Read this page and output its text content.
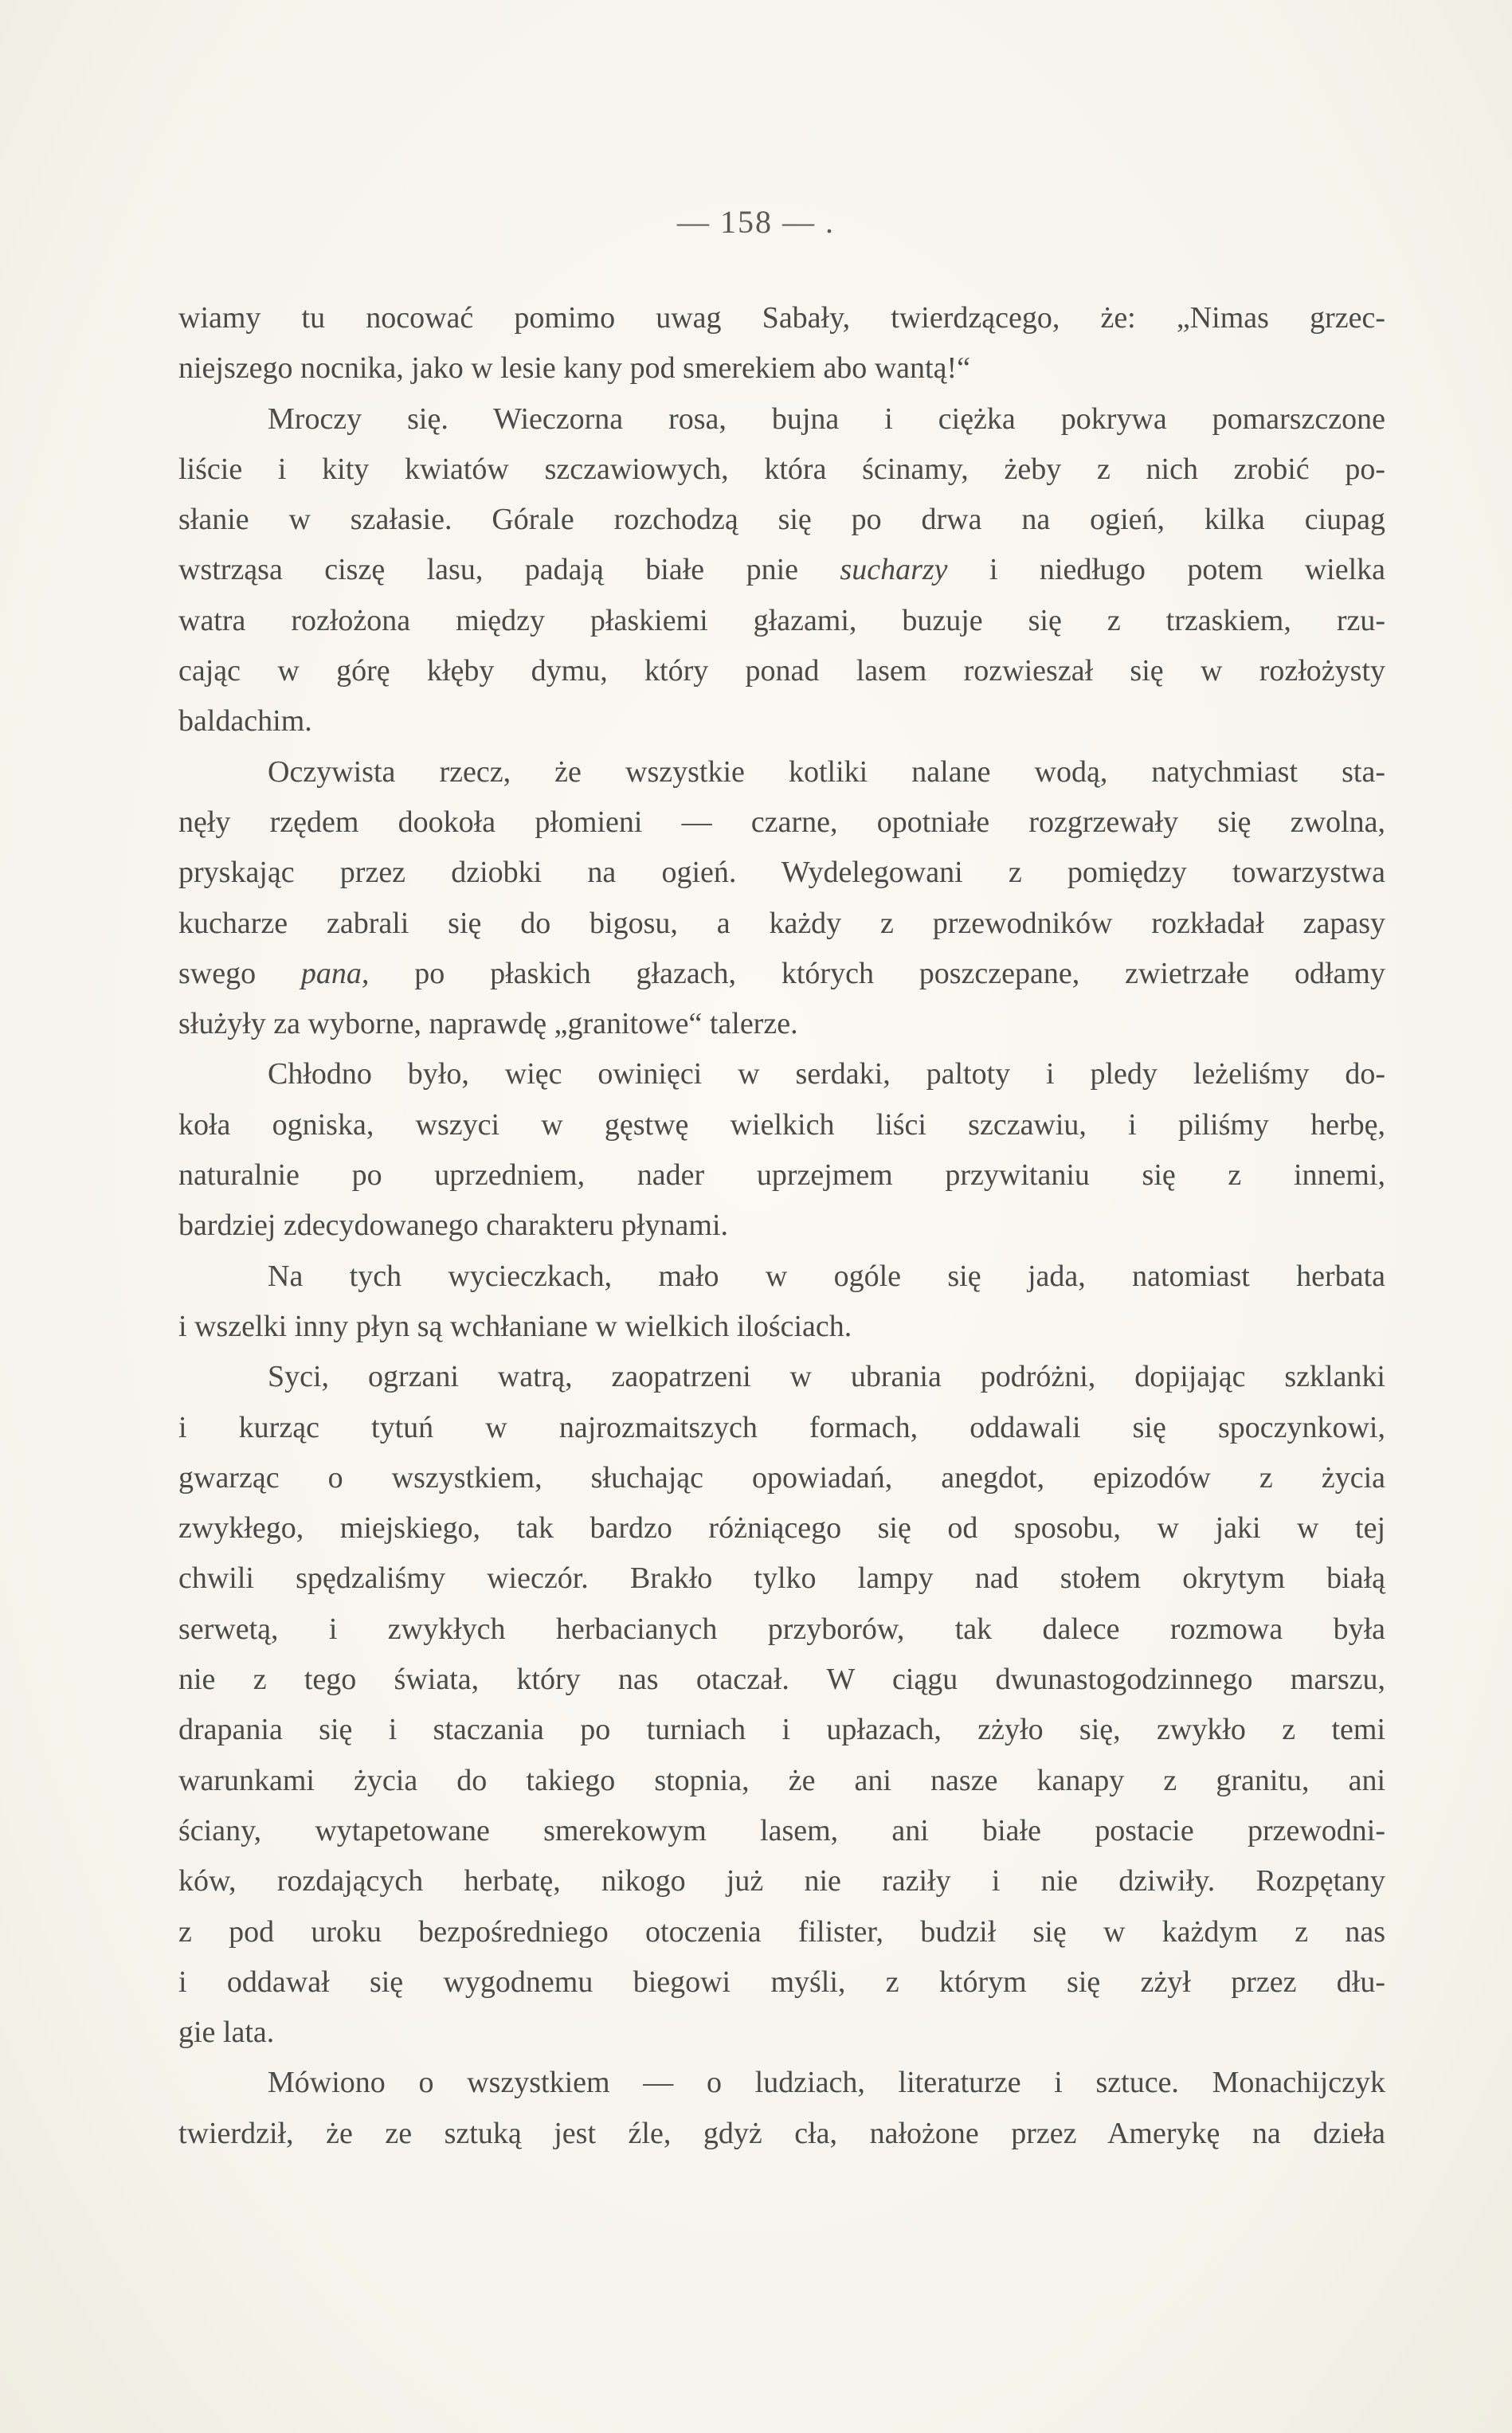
— 158 — .
wiamy tu nocować pomimo uwag Sabały, twierdzącego, że: „Nimas grzec-
niejszego nocnika, jako w lesie kany pod smerekiem abo wantą!“
Mroczy się. Wieczorna rosa, bujna i ciężka pokrywa pomarszczone
liście i kity kwiatów szczawiowych, która ścinamy, żeby z nich zrobić po-
słanie w szałasie. Górale rozchodzą się po drwa na ogień, kilka ciupag
wstrząsa ciszę lasu, padają białe pnie sucharzy i niedługo potem wielka
watra rozłożona między płaskiemi głazami, buzuje się z trzaskiem, rzu-
cając w górę kłęby dymu, który ponad lasem rozwieszał się w rozłożysty
baldachim.
Oczywista rzecz, że wszystkie kotliki nalane wodą, natychmiast sta-
nęły rzędem dookoła płomieni — czarne, opotniałe rozgrzewały się zwolna,
pryskając przez dziobki na ogień. Wydelegowani z pomiędzy towarzystwa
kucharze zabrali się do bigosu, a każdy z przewodników rozkładał zapasy
swego pana, po płaskich głazach, których poszczepane, zwietrzałe odłamy
służyły za wyborne, naprawdę „granitowe“ talerze.
Chłodno było, więc owinięci w serdaki, paltoty i pledy leżeliśmy do-
koła ogniska, wszyci w gęstwę wielkich liści szczawiu, i piliśmy herbę,
naturalnie po uprzedniem, nader uprzejmem przywitaniu się z innemi,
bardziej zdecydowanego charakteru płynami.
Na tych wycieczkach, mało w ogóle się jada, natomiast herbata
i wszelki inny płyn są wchłaniane w wielkich ilościach.
Syci, ogrzani watrą, zaopatrzeni w ubrania podróżni, dopijając szklanki
i kurząc tytuń w najrozmaitszych formach, oddawali się spoczynkowi,
gwarząc o wszystkiem, słuchając opowiadań, anegdot, epizodów z życia
zwykłego, miejskiego, tak bardzo różniącego się od sposobu, w jaki w tej
chwili spędzaliśmy wieczór. Brakło tylko lampy nad stołem okrytym białą
serwetą, i zwykłych herbacianych przyborów, tak dalece rozmowa była
nie z tego świata, który nas otaczał. W ciągu dwunastogodzinnego marszu,
drapania się i staczania po turniach i upłazach, zżyło się, zwykło z temi
warunkami życia do takiego stopnia, że ani nasze kanapy z granitu, ani
ściany, wytapetowane smerekowym lasem, ani białe postacie przewodni-
ków, rozdających herbatę, nikogo już nie raziły i nie dziwiły. Rozpętany
z pod uroku bezpośredniego otoczenia filister, budził się w każdym z nas
i oddawał się wygodnemu biegowi myśli, z którym się zżył przez dłu-
gie lata.
Mówiono o wszystkiem — o ludziach, literaturze i sztuce. Monachijczyk
twierdził, że ze sztuką jest źle, gdyż cła, nałożone przez Amerykę na dzieła
